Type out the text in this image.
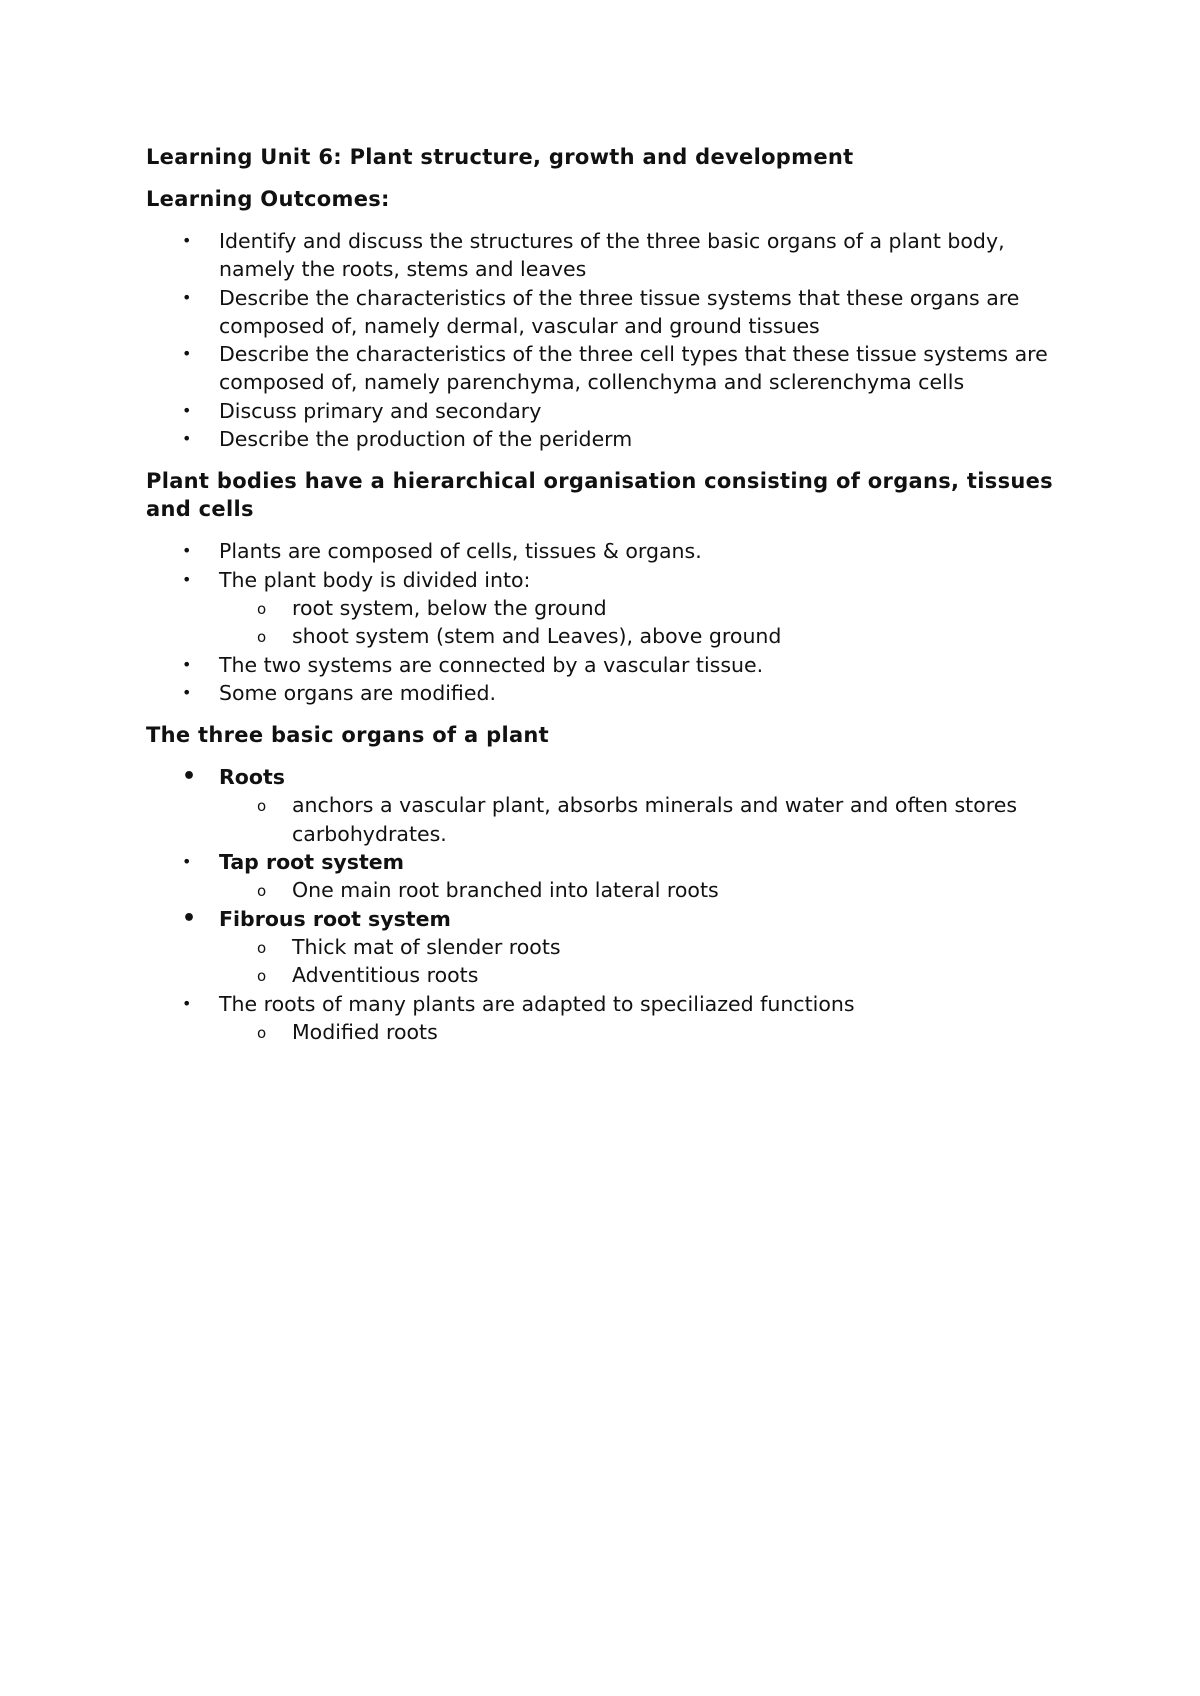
Learning Unit 6: Plant structure, growth and development
Learning Outcomes:
•	Identify and discuss the structures of the three basic organs of a plant body, namely the roots, stems and leaves
•	Describe the characteristics of the three tissue systems that these organs are composed of, namely dermal, vascular and ground tissues
•	Describe the characteristics of the three cell types that these tissue systems are composed of, namely parenchyma, collenchyma and sclerenchyma cells
•	Discuss primary and secondary
•	Describe the production of the periderm
Plant bodies have a hierarchical organisation consisting of organs, tissues and cells
•	Plants are composed of cells, tissues & organs.
•	The plant body is divided into:
o root system, below the ground
o shoot system (stem and Leaves), above ground
•	The two systems are connected by a vascular tissue.
•	Some organs are modified.
The three basic organs of a plant
• Roots
o anchors a vascular plant, absorbs minerals and water and often stores carbohydrates.
•	Tap root system
o One main root branched into lateral roots
• Fibrous root system
o Thick mat of slender roots
o Adventitious roots
•	The roots of many plants are adapted to speciliazed functions
o Modified roots
